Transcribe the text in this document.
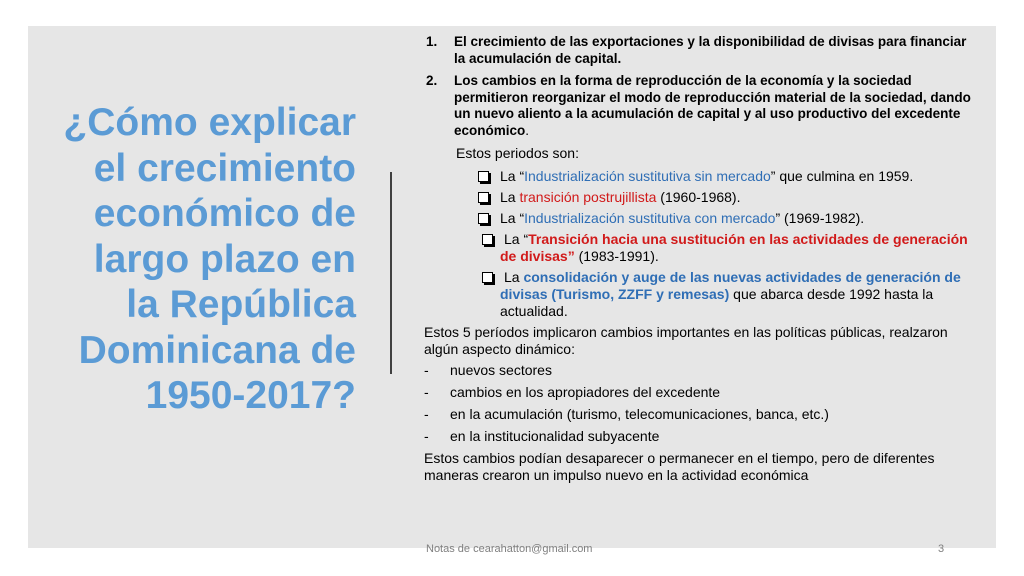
¿Cómo explicar el crecimiento económico de largo plazo en la República Dominicana de 1950-2017?
1. El crecimiento de las exportaciones y la disponibilidad de divisas para financiar la acumulación de capital.
2. Los cambios en la forma de reproducción de la economía y la sociedad permitieron reorganizar el modo de reproducción material de la sociedad, dando un nuevo aliento a la acumulación de capital y al uso productivo del excedente económico.

Estos periodos son:

La “Industrialización sustitutiva sin mercado” que culmina en 1959.
La transición postrujillista (1960-1968).
La “Industrialización sustitutiva con mercado” (1969-1982).
La “Transición hacia una sustitución en las actividades de generación de divisas” (1983-1991).
La consolidación y auge de las nuevas actividades de generación de divisas (Turismo, ZZFF y remesas) que abarca desde 1992 hasta la actualidad.

Estos 5 períodos implicaron cambios importantes en las políticas públicas, realzaron algún aspecto dinámico:

- nuevos sectores
- cambios en los apropiadores del excedente
- en la acumulación (turismo, telecomunicaciones, banca, etc.)
- en la institucionalidad subyacente

Estos cambios podían desaparecer o permanecer en el tiempo, pero de diferentes maneras crearon un impulso nuevo en la actividad económica

Notas de cearahatton@gmail.com	3
